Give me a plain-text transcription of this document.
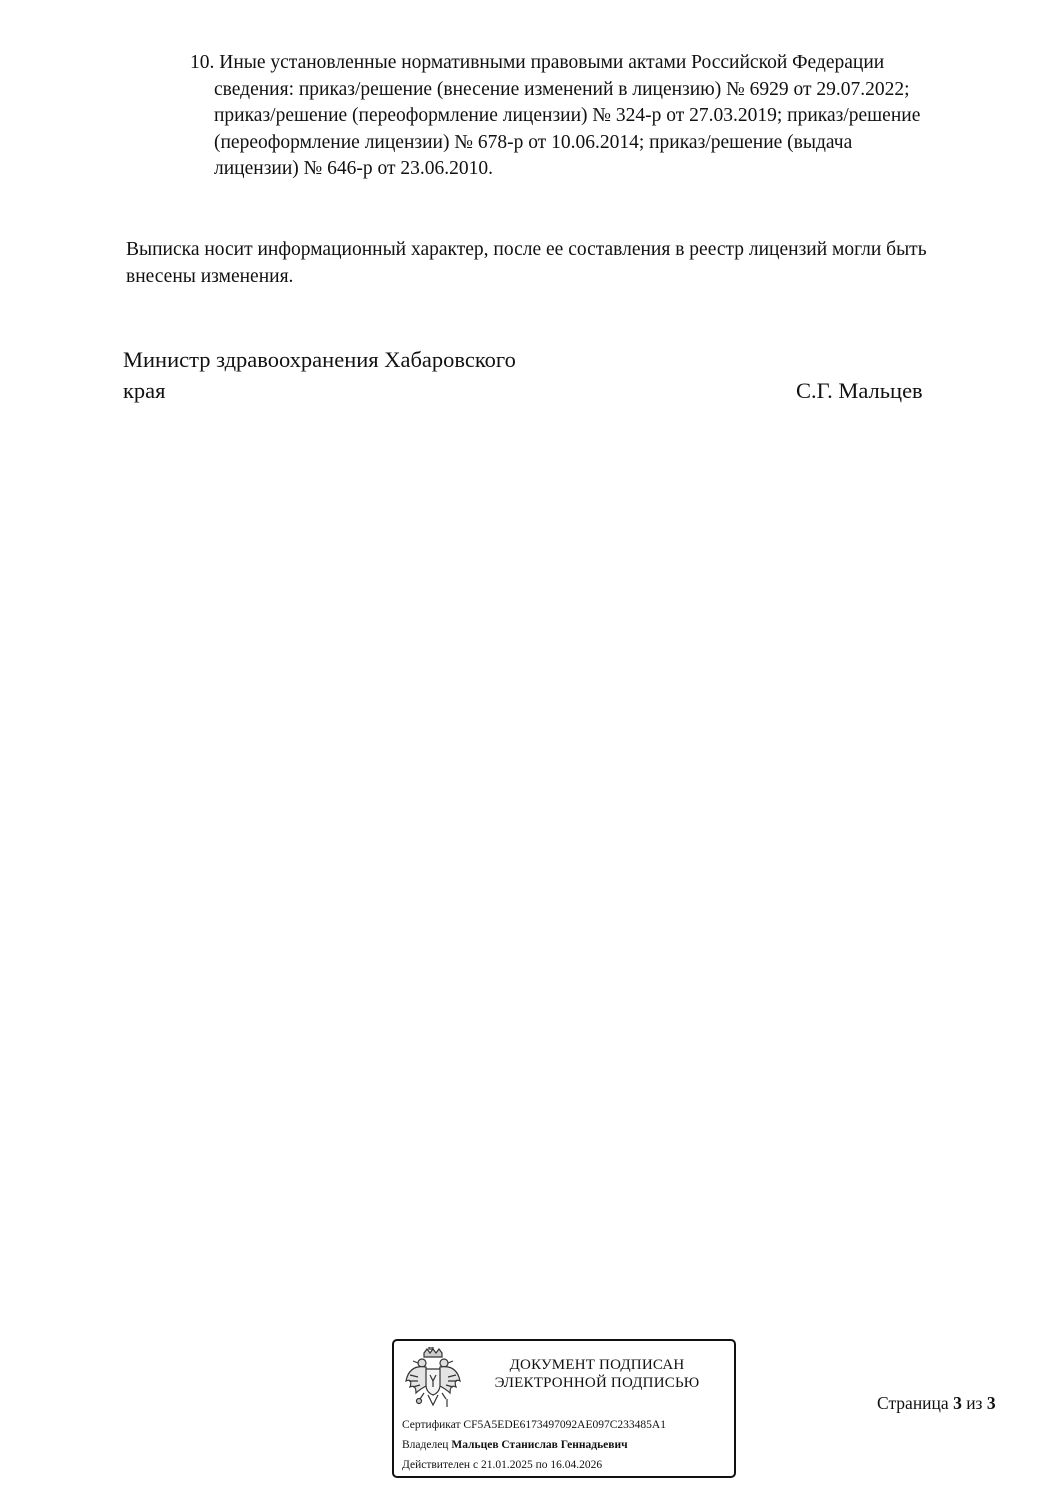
10. Иные установленные нормативными правовыми актами Российской Федерации
сведения: приказ/решение (внесение изменений в лицензию) № 6929 от 29.07.2022;
приказ/решение (переоформление лицензии) № 324-р от 27.03.2019; приказ/решение
(переоформление лицензии) № 678-р от 10.06.2014; приказ/решение (выдача
лицензии) № 646-р от 23.06.2010.
Выписка носит информационный характер, после ее составления в реестр лицензий могли быть
внесены изменения.
Министр здравоохранения Хабаровского
края	С.Г. Мальцев
ДОКУМЕНТ ПОДПИСАН
ЭЛЕКТРОННОЙ ПОДПИСЬЮ
Сертификат CF5A5EDE6173497092AE097C233485A1
Владелец Мальцев Станислав Геннадьевич
Действителен с 21.01.2025 по 16.04.2026
Страница 3 из 3
